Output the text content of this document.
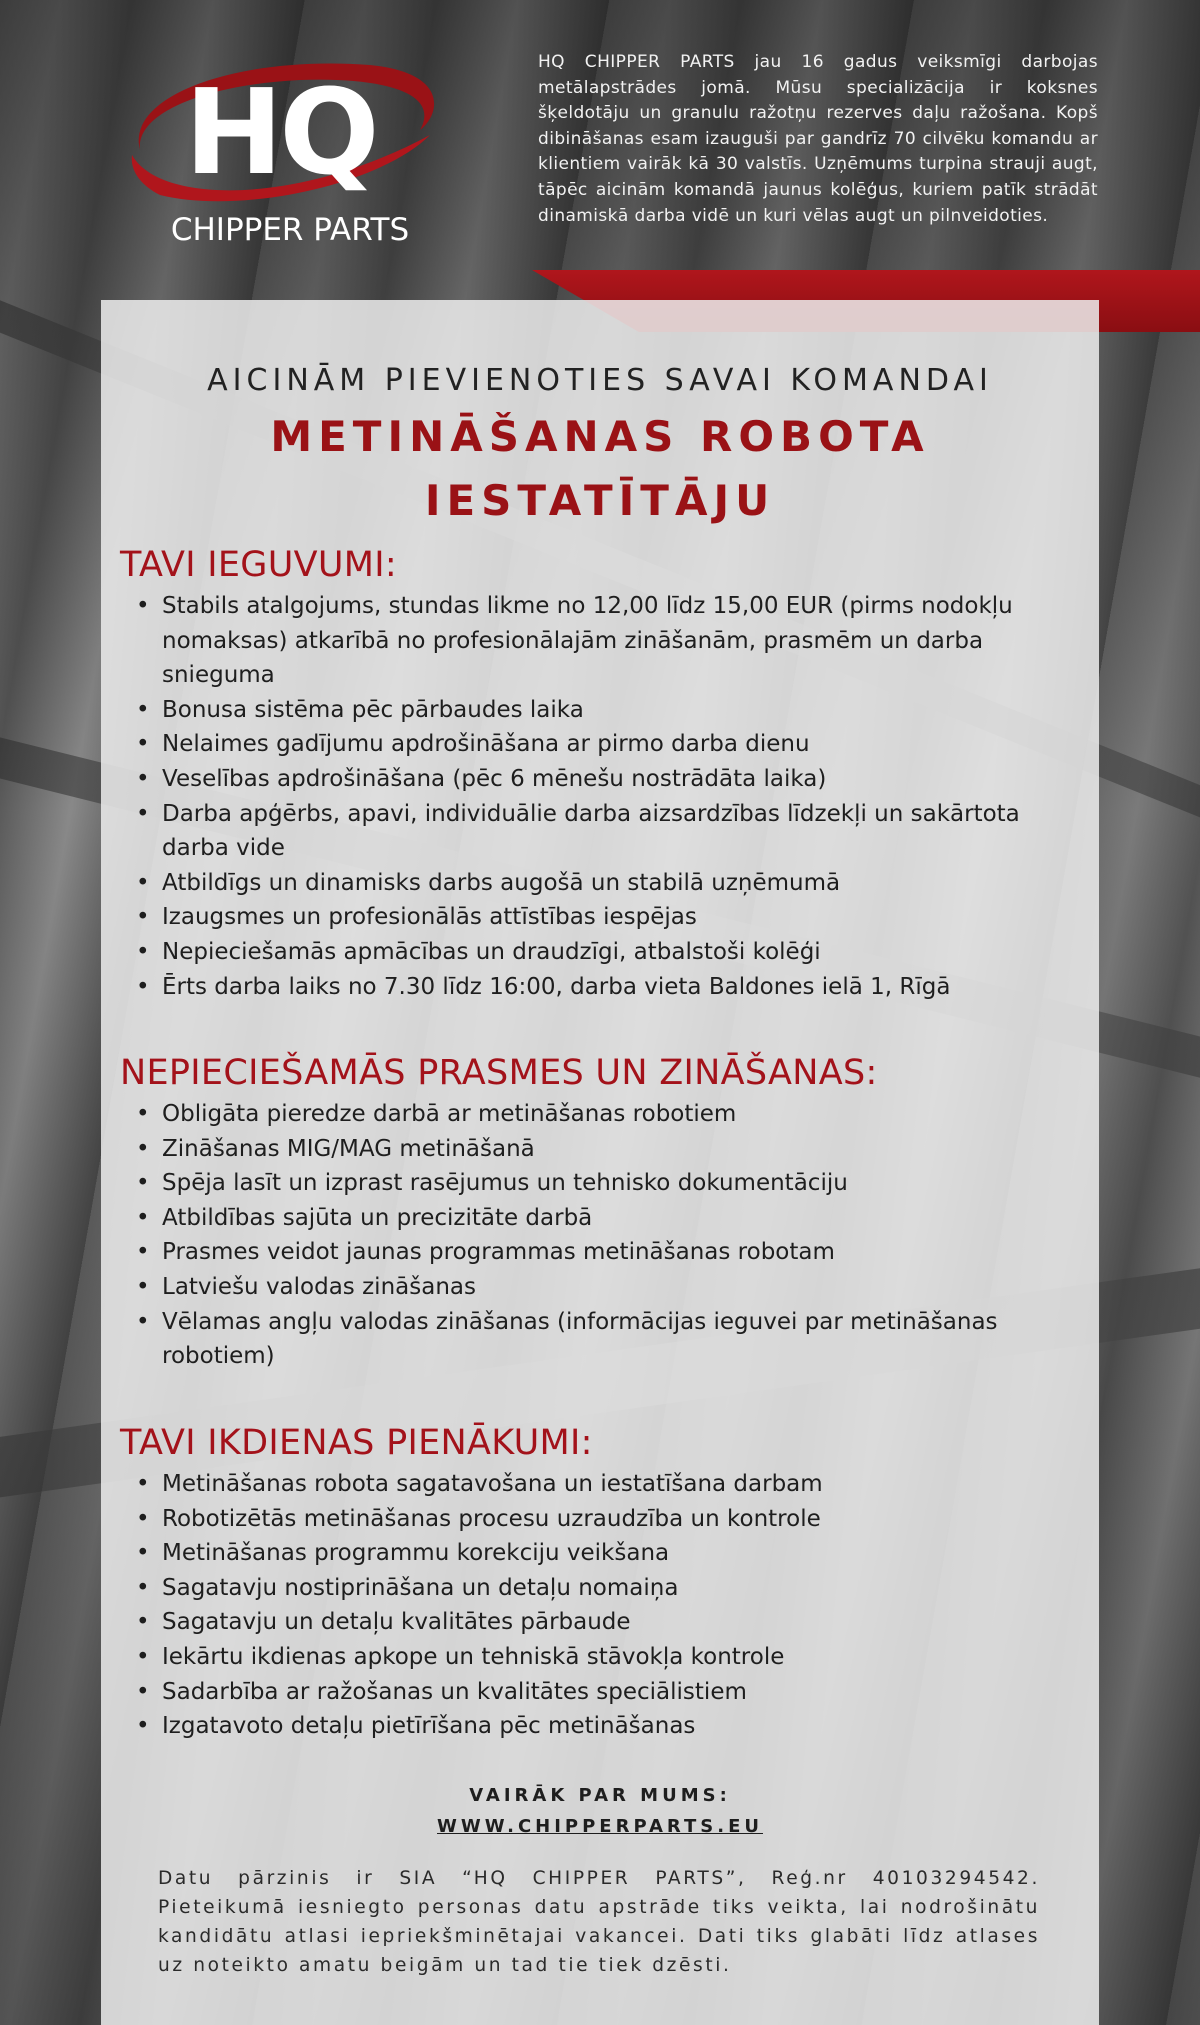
HQ
CHIPPER PARTS

HQ CHIPPER PARTS jau 16 gadus veiksmīgi darbojas metālapstrādes jomā. Mūsu specializācija ir koksnes šķeldotāju un granulu ražotņu rezerves daļu ražošana. Kopš dibināšanas esam izauguši par gandrīz 70 cilvēku komandu ar klientiem vairāk kā 30 valstīs. Uzņēmums turpina strauji augt, tāpēc aicinām komandā jaunus kolēģus, kuriem patīk strādāt dinamiskā darba vidē un kuri vēlas augt un pilnveidoties.

AICINĀM PIEVIENOTIES SAVAI KOMANDAI
METINĀŠANAS ROBOTA
IESTATĪTĀJU
TAVI IEGUVUMI:
• Stabils atalgojums, stundas likme no 12,00 līdz 15,00 EUR (pirms nodokļu nomaksas) atkarībā no profesionālajām zināšanām, prasmēm un darba snieguma
• Bonusa sistēma pēc pārbaudes laika
• Nelaimes gadījumu apdrošināšana ar pirmo darba dienu
• Veselības apdrošināšana (pēc 6 mēnešu nostrādāta laika)
• Darba apģērbs, apavi, individuālie darba aizsardzības līdzekļi un sakārtota darba vide
• Atbildīgs un dinamisks darbs augošā un stabilā uzņēmumā
• Izaugsmes un profesionālās attīstības iespējas
• Nepieciešamās apmācības un draudzīgi, atbalstoši kolēģi
• Ērts darba laiks no 7.30 līdz 16:00, darba vieta Baldones ielā 1, Rīgā
NEPIECIEŠAMĀS PRASMES UN ZINĀŠANAS:
• Obligāta pieredze darbā ar metināšanas robotiem
• Zināšanas MIG/MAG metināšanā
• Spēja lasīt un izprast rasējumus un tehnisko dokumentāciju
• Atbildības sajūta un precizitāte darbā
• Prasmes veidot jaunas programmas metināšanas robotam
• Latviešu valodas zināšanas
• Vēlamas angļu valodas zināšanas (informācijas ieguvei par metināšanas robotiem)
TAVI IKDIENAS PIENĀKUMI:
• Metināšanas robota sagatavošana un iestatīšana darbam
• Robotizētās metināšanas procesu uzraudzība un kontrole
• Metināšanas programmu korekciju veikšana
• Sagatavju nostiprināšana un detaļu nomaiņa
• Sagatavju un detaļu kvalitātes pārbaude
• Iekārtu ikdienas apkope un tehniskā stāvokļa kontrole
• Sadarbība ar ražošanas un kvalitātes speciālistiem
• Izgatavoto detaļu pietīrīšana pēc metināšanas
VAIRĀK PAR MUMS:
WWW.CHIPPERPARTS.EU

Datu pārzinis ir SIA “HQ CHIPPER PARTS”, Reģ.nr 40103294542. Pieteikumā iesniegto personas datu apstrāde tiks veikta, lai nodrošinātu kandidātu atlasi iepriekšminētajai vakancei. Dati tiks glabāti līdz atlases uz noteikto amatu beigām un tad tie tiek dzēsti.
